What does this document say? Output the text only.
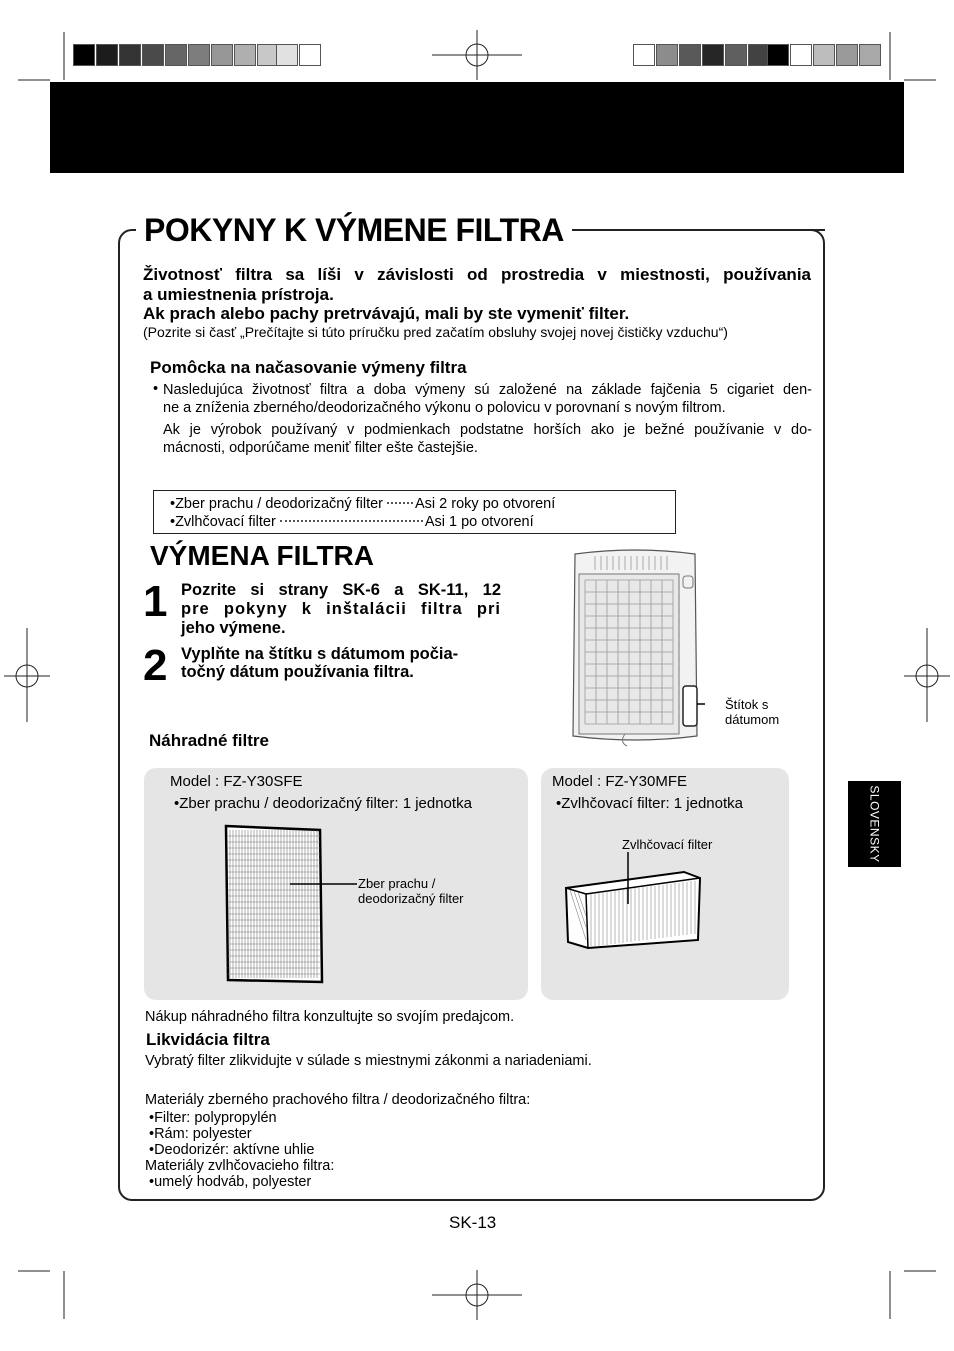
POKYNY K VÝMENE FILTRA
Životnosť filtra sa líši v závislosti od prostredia v miestnosti, používania
a umiestnenia prístroja.
Ak prach alebo pachy pretrvávajú, mali by ste vymeniť filter.
(Pozrite si časť „Prečítajte si túto príručku pred začatím obsluhy svojej novej čističky vzduchu“)
Pomôcka na načasovanie výmeny filtra
• Nasledujúca životnosť filtra a doba výmeny sú založené na základe fajčenia 5 cigariet den-
ne a zníženia zberného/deodorizačného výkonu o polovicu v porovnaní s novým filtrom.
Ak je výrobok používaný v podmienkach podstatne horších ako je bežné používanie v do-
mácnosti, odporúčame meniť filter ešte častejšie.
•Zber prachu / deodorizačný filter Asi 2 roky po otvorení
•Zvlhčovací filter	Asi 1 po otvorení
VÝMENA FILTRA
1 Pozrite si strany SK-6 a SK-11, 12
pre pokyny k inštalácii filtra pri
jeho výmene.
2 Vyplňte na štítku s dátumom počia-
točný dátum používania filtra.
Štítok s
dátumom
Náhradné filtre
Model : FZ-Y30SFE
•Zber prachu / deodorizačný filter: 1 jednotka
Zber prachu /
deodorizačný filter
Model : FZ-Y30MFE
•Zvlhčovací filter: 1 jednotka
Zvlhčovací filter
Nákup náhradného filtra konzultujte so svojím predajcom.
Likvidácia filtra
Vybratý filter zlikvidujte v súlade s miestnymi zákonmi a nariadeniami.
Materiály zberného prachového filtra / deodorizačného filtra:
•Filter: polypropylén
•Rám: polyester
•Deodorizér: aktívne uhlie
Materiály zvlhčovacieho filtra:
•umelý hodváb, polyester
SK-13
SLOVENSKY
